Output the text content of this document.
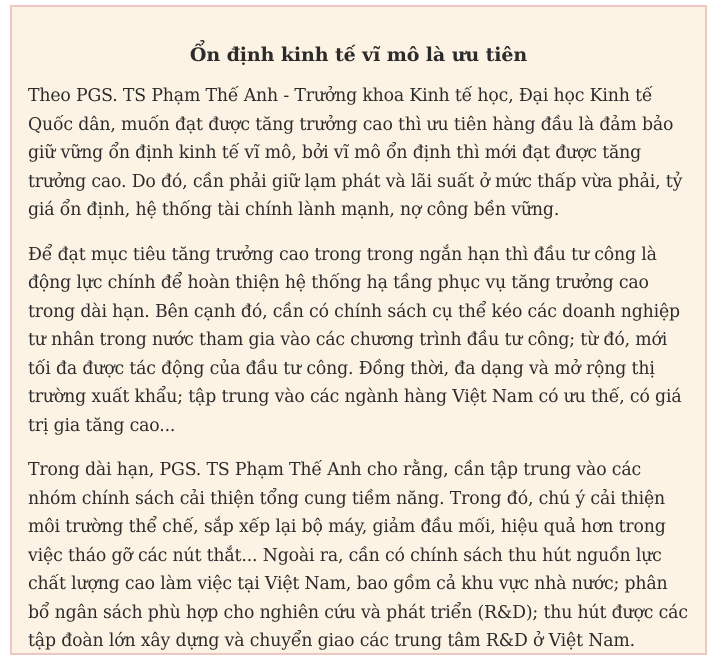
Ổn định kinh tế vĩ mô là ưu tiên

Theo PGS. TS Phạm Thế Anh - Trưởng khoa Kinh tế học, Đại học Kinh tế Quốc dân, muốn đạt được tăng trưởng cao thì ưu tiên hàng đầu là đảm bảo giữ vững ổn định kinh tế vĩ mô, bởi vĩ mô ổn định thì mới đạt được tăng trưởng cao. Do đó, cần phải giữ lạm phát và lãi suất ở mức thấp vừa phải, tỷ giá ổn định, hệ thống tài chính lành mạnh, nợ công bền vững.

Để đạt mục tiêu tăng trưởng cao trong trong ngắn hạn thì đầu tư công là động lực chính để hoàn thiện hệ thống hạ tầng phục vụ tăng trưởng cao trong dài hạn. Bên cạnh đó, cần có chính sách cụ thể kéo các doanh nghiệp tư nhân trong nước tham gia vào các chương trình đầu tư công; từ đó, mới tối đa được tác động của đầu tư công. Đồng thời, đa dạng và mở rộng thị trường xuất khẩu; tập trung vào các ngành hàng Việt Nam có ưu thế, có giá trị gia tăng cao...

Trong dài hạn, PGS. TS Phạm Thế Anh cho rằng, cần tập trung vào các nhóm chính sách cải thiện tổng cung tiềm năng. Trong đó, chú ý cải thiện môi trường thể chế, sắp xếp lại bộ máy, giảm đầu mối, hiệu quả hơn trong việc tháo gỡ các nút thắt... Ngoài ra, cần có chính sách thu hút nguồn lực chất lượng cao làm việc tại Việt Nam, bao gồm cả khu vực nhà nước; phân bổ ngân sách phù hợp cho nghiên cứu và phát triển (R&D); thu hút được các tập đoàn lớn xây dựng và chuyển giao các trung tâm R&D ở Việt Nam.
